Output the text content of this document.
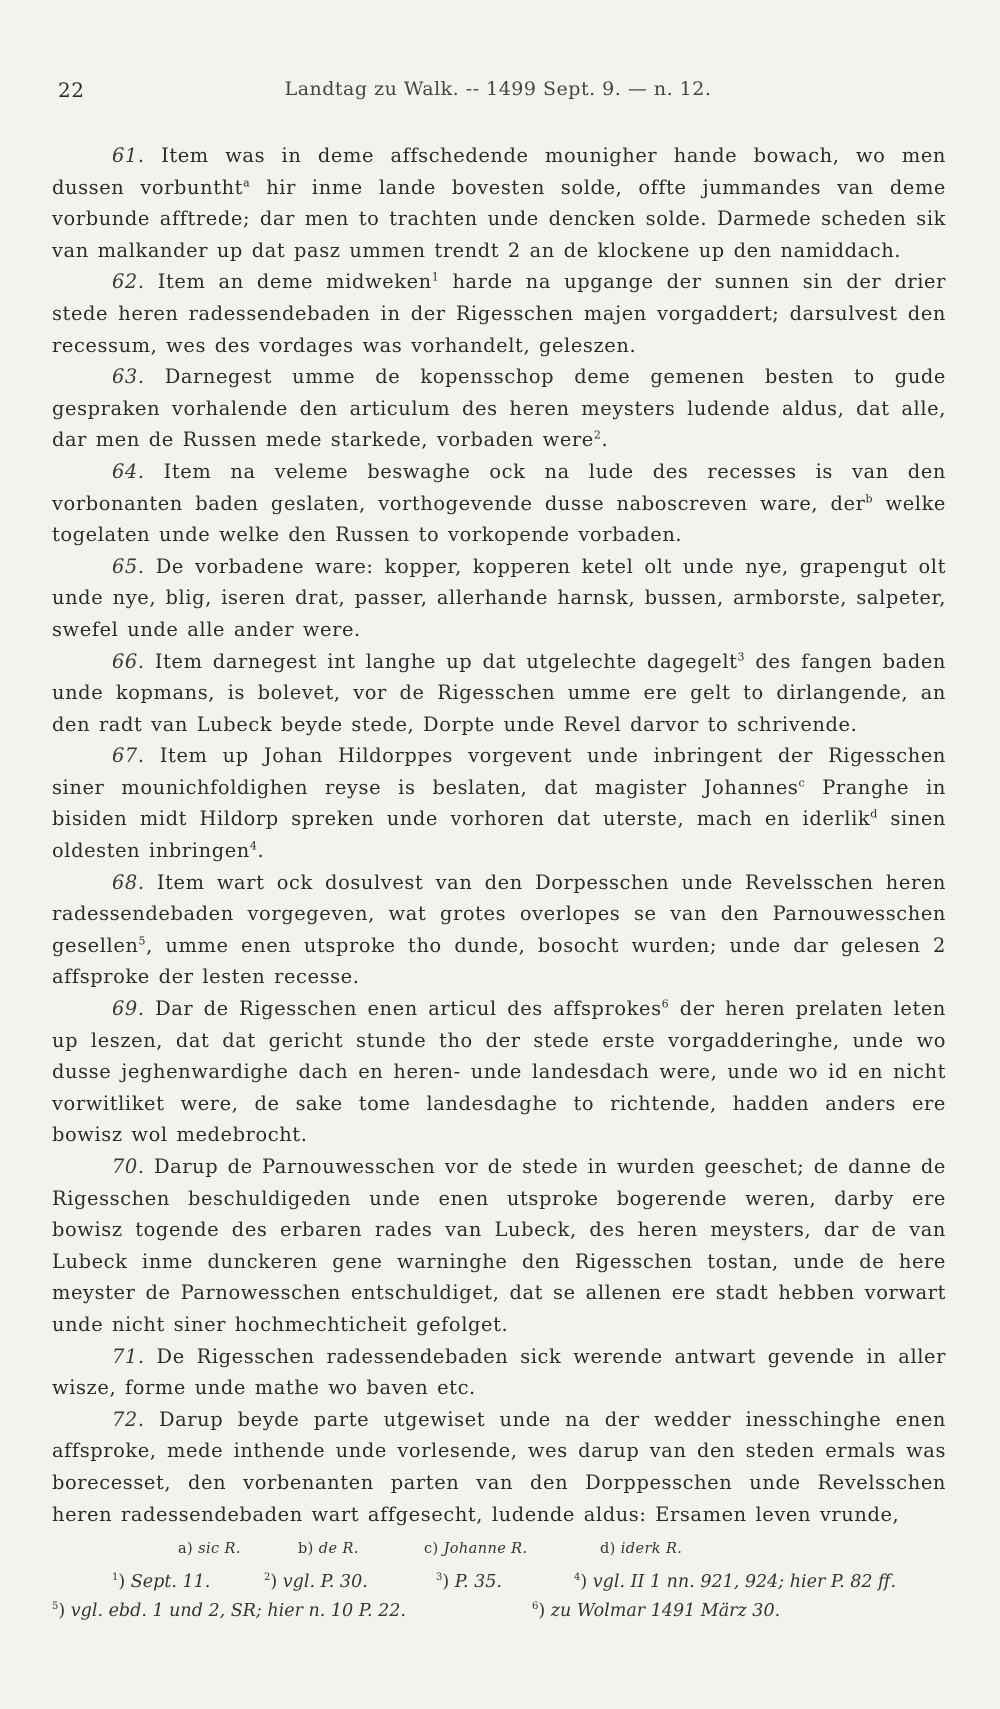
22	Landtag zu Walk. -- 1499 Sept. 9. — n. 12.

61. Item was in deme affschedende mounigher hande bowach, wo men dussen vorbuntht$^a$ hir inme lande bovesten solde, offte jummandes van deme vorbunde afftrede; dar men to trachten unde dencken solde. Darmede scheden sik van malkander up dat pasz ummen trendt 2 an de klockene up den namiddach.

62. Item an deme midweken$^1$ harde na upgange der sunnen sin der drier stede heren radessendebaden in der Rigesschen majen vorgaddert; darsulvest den recessum, wes des vordages was vorhandelt, geleszen.

63. Darnegest umme de kopensschop deme gemenen besten to gude gespraken vorhalende den articulum des heren meysters ludende aldus, dat alle, dar men de Russen mede starkede, vorbaden were$^2$.

64. Item na veleme beswaghe ock na lude des recesses is van den vorbonanten baden geslaten, vorthogevende dusse naboscreven ware, der$^b$ welke togelaten unde welke den Russen to vorkopende vorbaden.

65. De vorbadene ware: kopper, kopperen ketel olt unde nye, grapengut olt unde nye, blig, iseren drat, passer, allerhande harnsk, bussen, armborste, salpeter, swefel unde alle ander were.

66. Item darnegest int langhe up dat utgelechte dagegelt$^3$ des fangen baden unde kopmans, is bolevet, vor de Rigesschen umme ere gelt to dirlangende, an den radt van Lubeck beyde stede, Dorpte unde Revel darvor to schrivende.

67. Item up Johan Hildorppes vorgevent unde inbringent der Rigesschen siner mounichfoldighen reyse is beslaten, dat magister Johannes$^c$ Pranghe in bisiden midt Hildorp spreken unde vorhoren dat uterste, mach en iderlik$^d$ sinen oldesten inbringen$^4$.

68. Item wart ock dosulvest van den Dorpesschen unde Revelsschen heren radessendebaden vorgegeven, wat grotes overlopes se van den Parnouwesschen gesellen$^5$, umme enen utsproke tho dunde, bosocht wurden; unde dar gelesen 2 affsproke der lesten recesse.

69. Dar de Rigesschen enen articul des affsprokes$^6$ der heren prelaten leten up leszen, dat dat gericht stunde tho der stede erste vorgadderinghe, unde wo dusse jeghenwardighe dach en heren- unde landesdach were, unde wo id en nicht vorwitliket were, de sake tome landesdaghe to richtende, hadden anders ere bowisz wol medebrocht.

70. Darup de Parnouwesschen vor de stede in wurden geeschet; de danne de Rigesschen beschuldigeden unde enen utsproke bogerende weren, darby ere bowisz togende des erbaren rades van Lubeck, des heren meysters, dar de van Lubeck inme dunckeren gene warninghe den Rigesschen tostan, unde de here meyster de Parnowesschen entschuldiget, dat se allenen ere stadt hebben vorwart unde nicht siner hochmechticheit gefolget.

71. De Rigesschen radessendebaden sick werende antwart gevende in aller wisze, forme unde mathe wo baven etc.

72. Darup beyde parte utgewiset unde na der wedder inesschinghe enen affsproke, mede inthende unde vorlesende, wes darup van den steden ermals was borecesset, den vorbenanten parten van den Dorppesschen unde Revelsschen heren radessendebaden wart affgesecht, ludende aldus: Ersamen leven vrunde,

a) sic R.	b) de R.	c) Johanne R.	d) iderk R.
$^1$) Sept. 11.	$^2$) vgl. P. 30.	$^3$) P. 35.	$^4$) vgl. II 1 nn. 921, 924; hier P. 82 ff.
$^5$) vgl. ebd. 1 und 2, SR; hier n. 10 P. 22.	$^6$) zu Wolmar 1491 März 30.
